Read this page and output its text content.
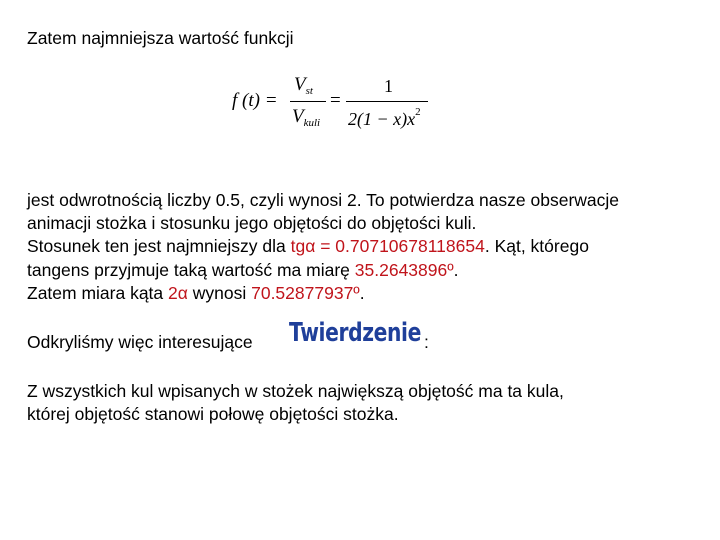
Zatem najmniejsza wartość funkcji
f (t) =
$V_{st}$
$V_{kuli}$
=
1
$2(1 - x)x^2$
jest odwrotnością liczby 0.5, czyli wynosi 2. To potwierdza nasze obserwacje
animacji stożka i stosunku jego objętości do objętości kuli.
Stosunek ten jest najmniejszy dla tgα = 0.70710678118654. Kąt, którego
tangens przyjmuje taką wartość ma miarę 35.2643896º.
Zatem miara kąta 2α wynosi 70.52877937º.
Odkryliśmy więc interesujące Twierdzenie :
Z wszystkich kul wpisanych w stożek największą objętość ma ta kula,
której objętość stanowi połowę objętości stożka.
